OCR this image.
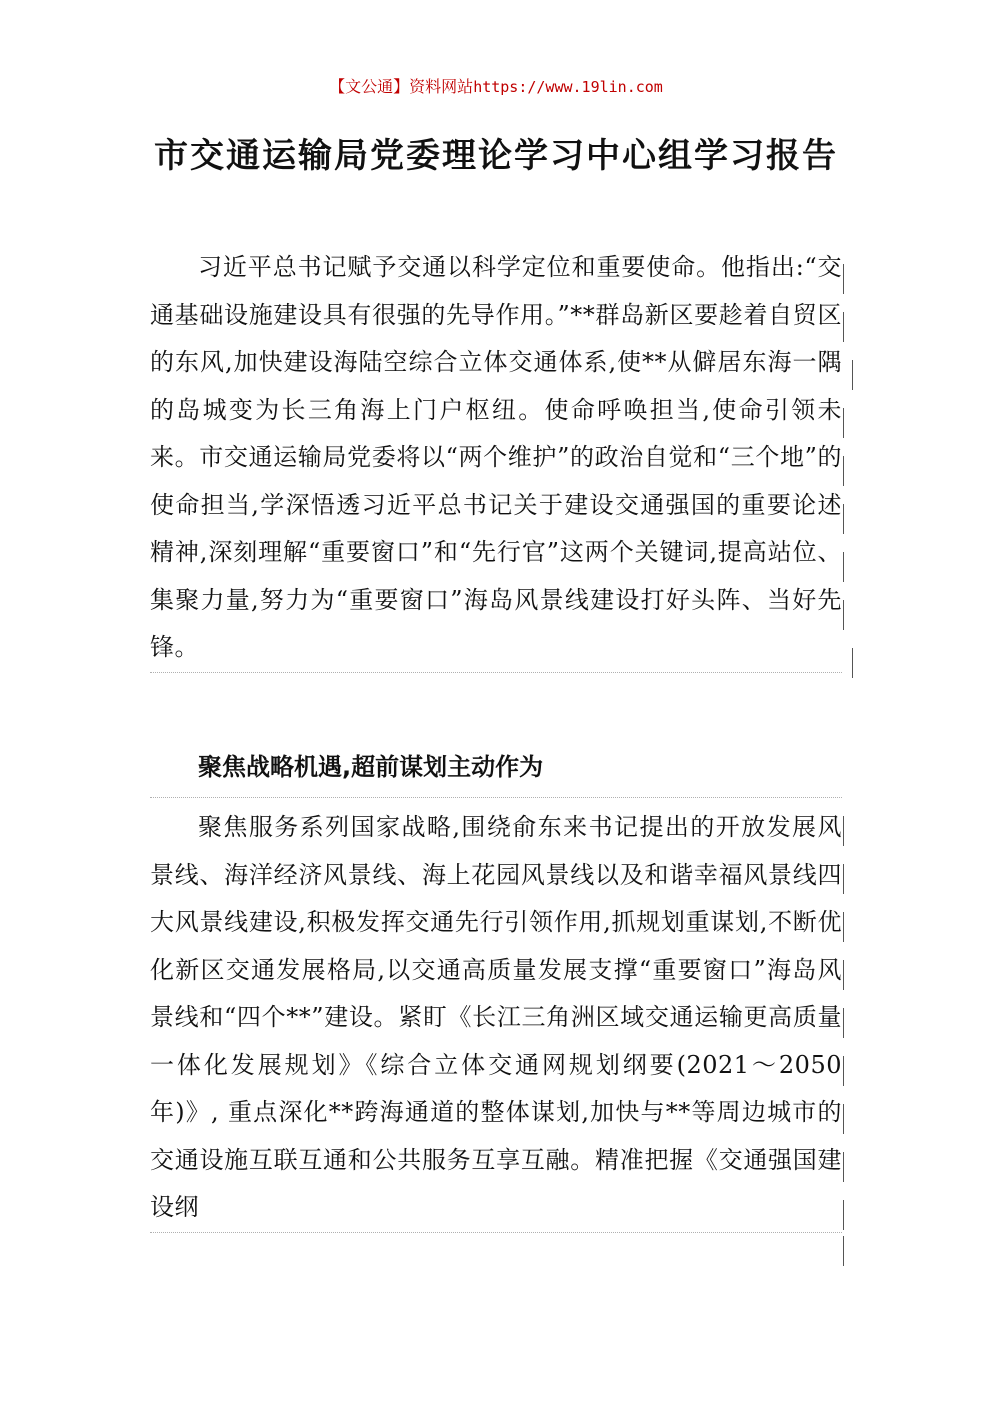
【文公通】资料网站https://www.19lin.com
市交通运输局党委理论学习中心组学习报告

习近平总书记赋予交通以科学定位和重要使命。他指出:“交通基础设施建设具有很强的先导作用。”**群岛新区要趁着自贸区的东风,加快建设海陆空综合立体交通体系,使**从僻居东海一隅的岛城变为长三角海上门户枢纽。使命呼唤担当,使命引领未来。市交通运输局党委将以“两个维护”的政治自觉和“三个地”的使命担当,学深悟透习近平总书记关于建设交通强国的重要论述精神,深刻理解“重要窗口”和“先行官”这两个关键词,提高站位、集聚力量,努力为“重要窗口”海岛风景线建设打好头阵、当好先锋。

聚焦战略机遇,超前谋划主动作为

聚焦服务系列国家战略,围绕俞东来书记提出的开放发展风景线、海洋经济风景线、海上花园风景线以及和谐幸福风景线四大风景线建设,积极发挥交通先行引领作用,抓规划重谋划,不断优化新区交通发展格局,以交通高质量发展支撑“重要窗口”海岛风景线和“四个**”建设。紧盯《长江三角洲区域交通运输更高质量一体化发展规划》《综合立体交通网规划纲要(2021～2050 年)》, 重点深化**跨海通道的整体谋划,加快与**等周边城市的交通设施互联互通和公共服务互享互融。精准把握《交通强国建设纲
